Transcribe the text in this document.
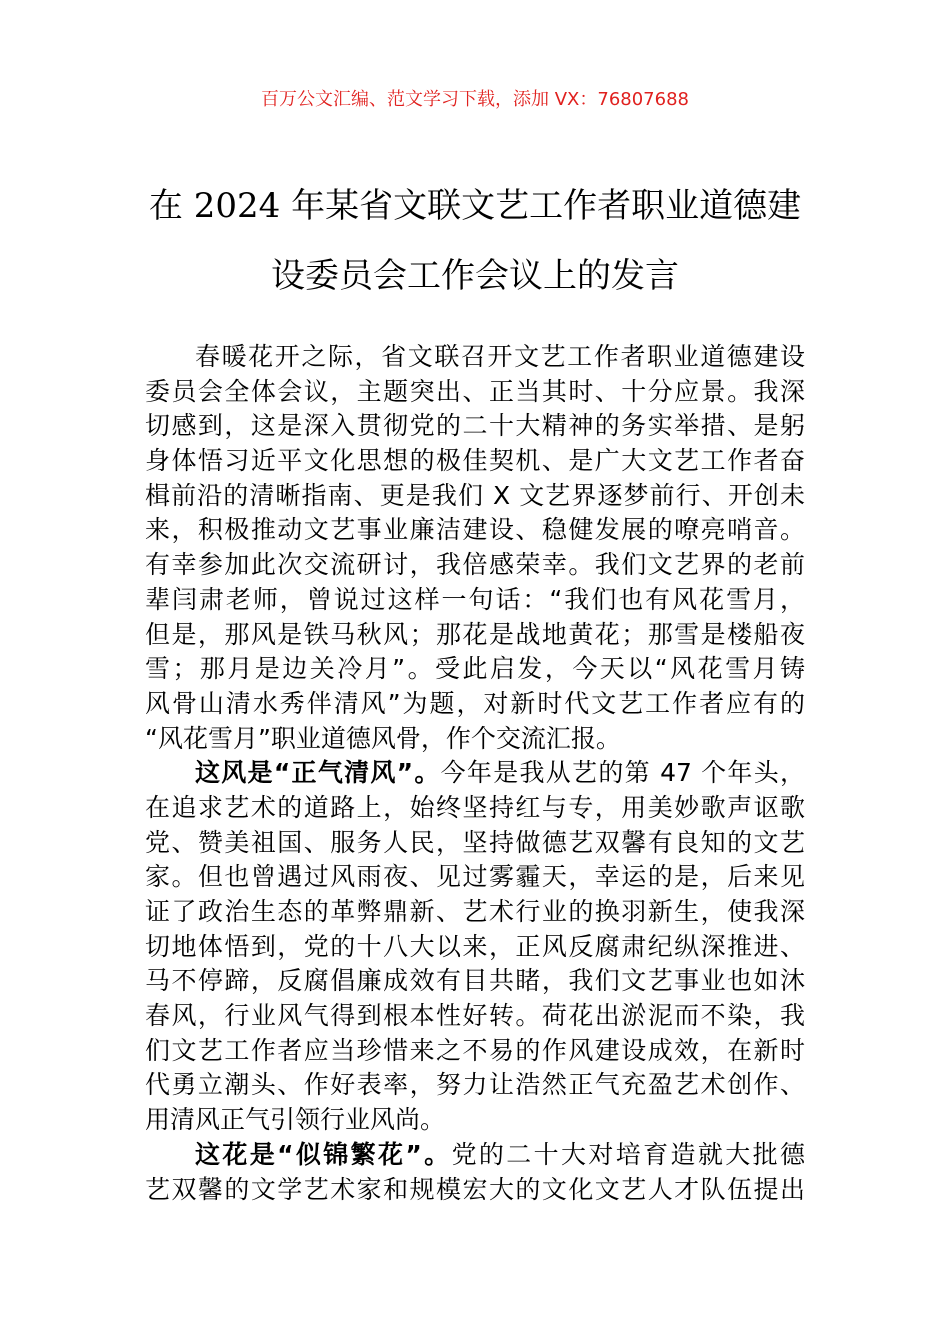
百万公文汇编、范文学习下载，添加 VX：76807688
在 2024 年某省文联文艺工作者职业道德建
设委员会工作会议上的发言
春暖花开之际，省文联召开文艺工作者职业道德建设
委员会全体会议，主题突出、正当其时、十分应景。我深
切感到，这是深入贯彻党的二十大精神的务实举措、是躬
身体悟习近平文化思想的极佳契机、是广大文艺工作者奋
楫前沿的清晰指南、更是我们 X 文艺界逐梦前行、开创未
来，积极推动文艺事业廉洁建设、稳健发展的嘹亮哨音。
有幸参加此次交流研讨，我倍感荣幸。我们文艺界的老前
辈闫肃老师，曾说过这样一句话：“我们也有风花雪月，
但是，那风是铁马秋风；那花是战地黄花；那雪是楼船夜
雪；那月是边关冷月”。受此启发，今天以“风花雪月铸
风骨山清水秀伴清风”为题，对新时代文艺工作者应有的
“风花雪月”职业道德风骨，作个交流汇报。
这风是“正气清风”。今年是我从艺的第 47 个年头，
在追求艺术的道路上，始终坚持红与专，用美妙歌声讴歌
党、赞美祖国、服务人民，坚持做德艺双馨有良知的文艺
家。但也曾遇过风雨夜、见过雾霾天，幸运的是，后来见
证了政治生态的革弊鼎新、艺术行业的换羽新生，使我深
切地体悟到，党的十八大以来，正风反腐肃纪纵深推进、
马不停蹄，反腐倡廉成效有目共睹，我们文艺事业也如沐
春风，行业风气得到根本性好转。荷花出淤泥而不染，我
们文艺工作者应当珍惜来之不易的作风建设成效，在新时
代勇立潮头、作好表率，努力让浩然正气充盈艺术创作、
用清风正气引领行业风尚。
这花是“似锦繁花”。党的二十大对培育造就大批德
艺双馨的文学艺术家和规模宏大的文化文艺人才队伍提出
